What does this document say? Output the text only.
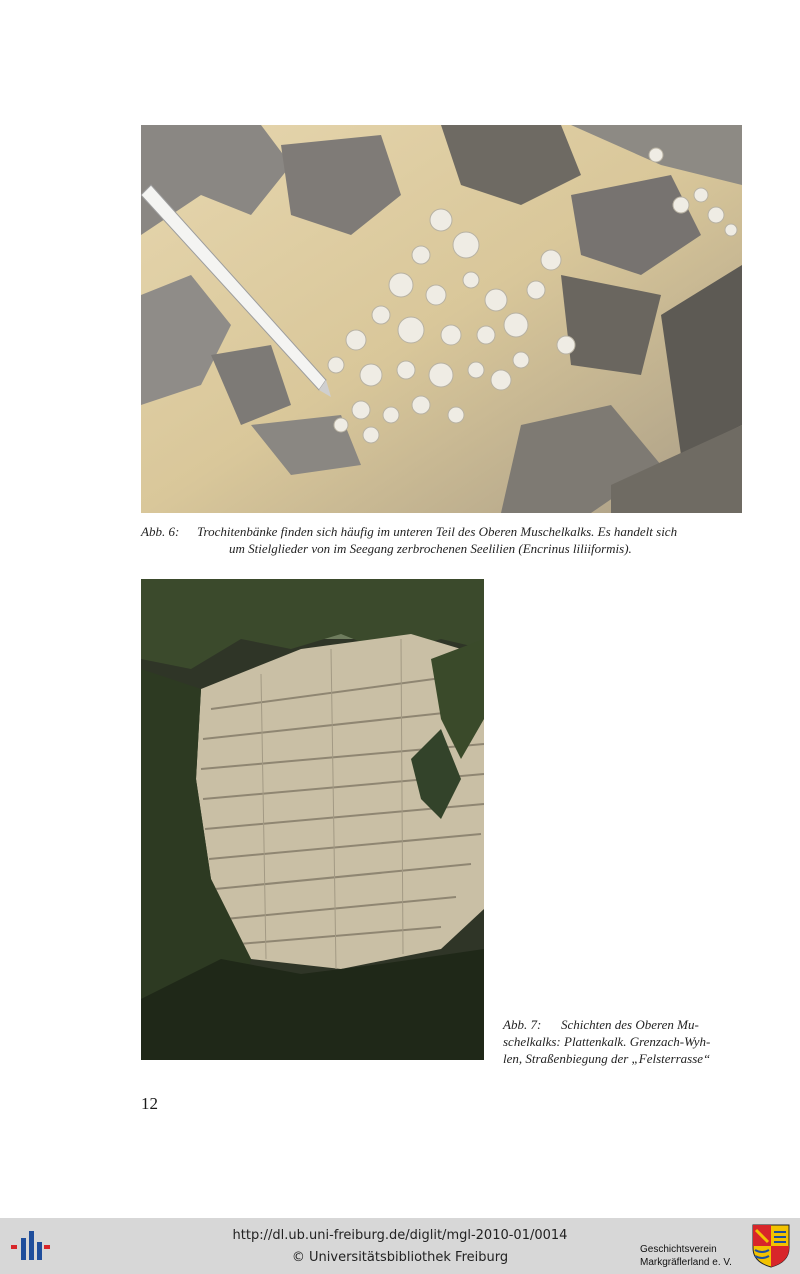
Abb. 6: Trochitenbänke finden sich häufig im unteren Teil des Oberen Muschelkalks. Es handelt sich
um Stielglieder von im Seegang zerbrochenen Seelilien (Encrinus liliiformis).
Abb. 7: Schichten des Oberen Mu-
schelkalks: Plattenkalk. Grenzach-Wyh-
len, Straßenbiegung der „Felsterrasse“
12
http://dl.ub.uni-freiburg.de/diglit/mgl-2010-01/0014
© Universitätsbibliothek Freiburg
Geschichtsverein
Markgräflerland e. V.
